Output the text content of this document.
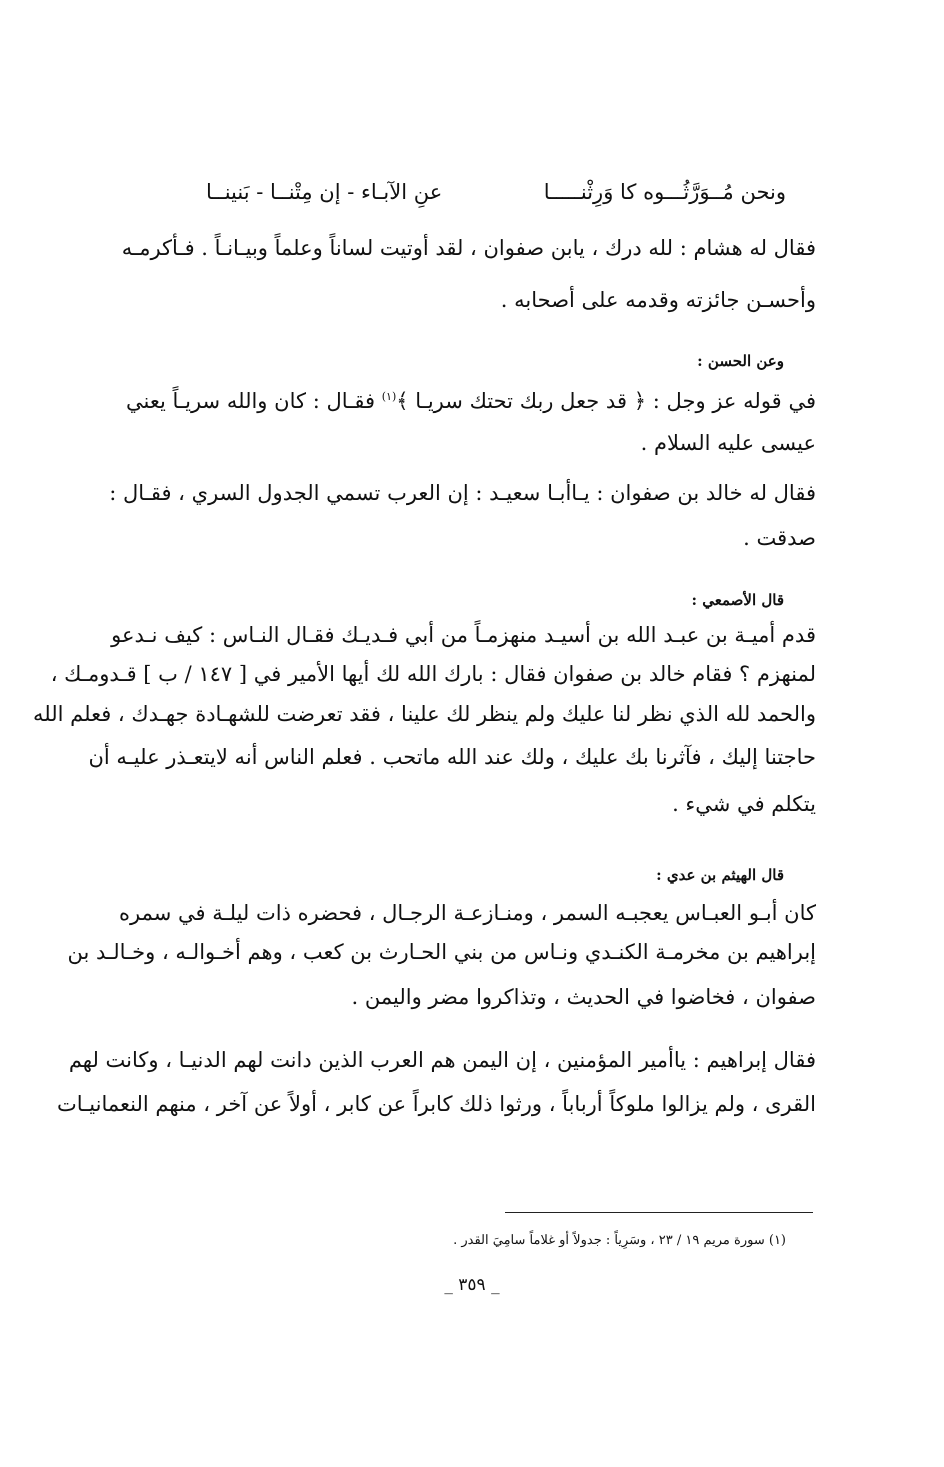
ونحن مُــوَرَّثُـــوه كا وَرِثْنـــــا
عنِ الآبـاء - إن مِتْنــا - بَنينــا
فقال له هشام : لله درك ، يابن صفوان ، لقد أوتيت لساناً وعلماً وبيـانـاً . فـأكرمـه
وأحسـن جائزته وقدمه على أصحابه .
وعن الحسن :
في قوله عز وجل : ﴿ قد جعل ربك تحتك سريـا ﴾$^{(١)}$ فقـال : كان والله سريـاً يعني
عيسى عليه السلام .
فقال له خالد بن صفوان : يـاأبـا سعيـد : إن العرب تسمي الجدول السري ، فقـال :
صدقت .
قال الأصمعي :
قدم أميـة بن عبـد الله بن أسيـد منهزمـاً من أبي فـديـك فقـال النـاس : كيف نـدعو
لمنهزم ؟ فقام خالد بن صفوان فقال : بارك الله لك أيها الأمير في [ ١٤٧ / ب ] قـدومـك ،
والحمد لله الذي نظر لنا عليك ولم ينظر لك علينا ، فقد تعرضت للشهـادة جهـدك ، فعلم الله
حاجتنا إليك ، فآثرنا بك عليك ، ولك عند الله ماتحب . فعلم الناس أنه لايتعـذر عليـه أن
يتكلم في شيء .
قال الهيثم بن عدي :
كان أبـو العبـاس يعجبـه السمر ، ومنـازعـة الرجـال ، فحضره ذات ليلـة في سمره
إبراهيم بن مخرمـة الكنـدي ونـاس من بني الحـارث بن كعب ، وهم أخـوالـه ، وخـالـد بن
صفوان ، فخاضوا في الحديث ، وتذاكروا مضر واليمن .
فقال إبراهيم : ياأمير المؤمنين ، إن اليمن هم العرب الذين دانت لهم الدنيـا ، وكانت لهم
القرى ، ولم يزالوا ملوكاً أرباباً ، ورثوا ذلك كابراً عن كابر ، أولاً عن آخر ، منهم النعمانيـات
(١) سورة مريم ١٩ / ٢٣ ، وسَرِياً : جدولاً أو غلاماً سامِيَ القدر .
_ ٣٥٩ _
